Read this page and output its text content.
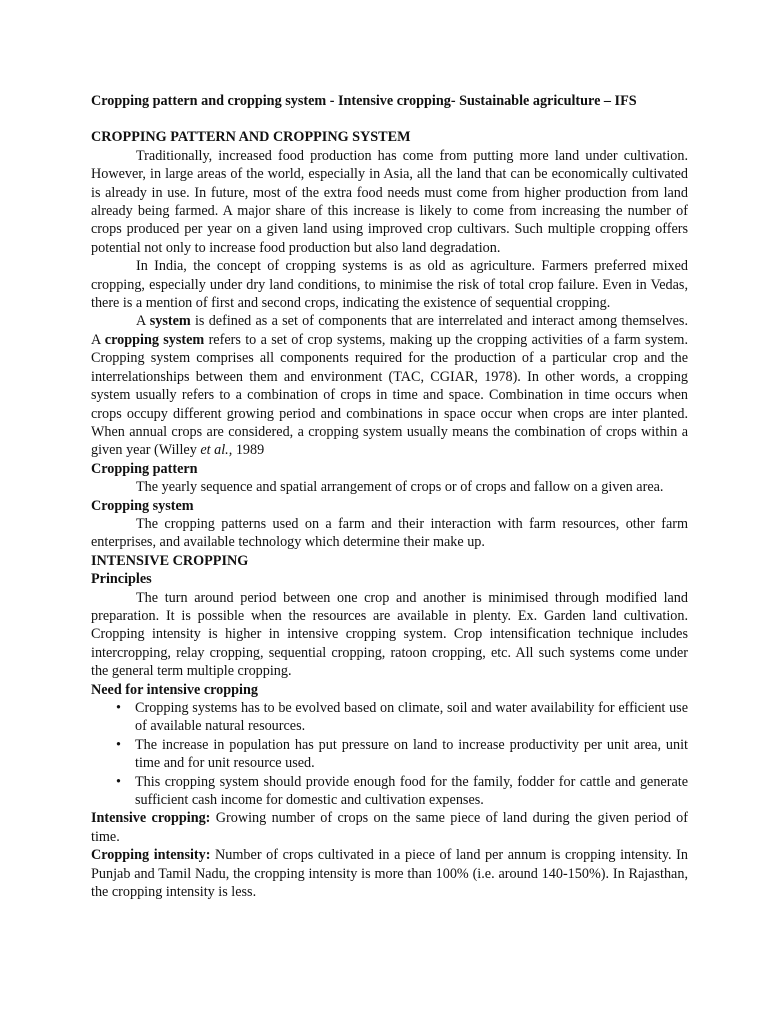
Cropping pattern and cropping system - Intensive cropping- Sustainable agriculture – IFS
CROPPING PATTERN AND CROPPING SYSTEM

Traditionally, increased food production has come from putting more land under cultivation. However, in large areas of the world, especially in Asia, all the land that can be economically cultivated is already in use. In future, most of the extra food needs must come from higher production from land already being farmed. A major share of this increase is likely to come from increasing the number of crops produced per year on a given land using improved crop cultivars. Such multiple cropping offers potential not only to increase food production but also land degradation.

In India, the concept of cropping systems is as old as agriculture. Farmers preferred mixed cropping, especially under dry land conditions, to minimise the risk of total crop failure. Even in Vedas, there is a mention of first and second crops, indicating the existence of sequential cropping.

A system is defined as a set of components that are interrelated and interact among themselves. A cropping system refers to a set of crop systems, making up the cropping activities of a farm system. Cropping system comprises all components required for the production of a particular crop and the interrelationships between them and environment (TAC, CGIAR, 1978). In other words, a cropping system usually refers to a combination of crops in time and space. Combination in time occurs when crops occupy different growing period and combinations in space occur when crops are inter planted. When annual crops are considered, a cropping system usually means the combination of crops within a given year (Willey et al., 1989

Cropping pattern

The yearly sequence and spatial arrangement of crops or of crops and fallow on a given area.

Cropping system

The cropping patterns used on a farm and their interaction with farm resources, other farm enterprises, and available technology which determine their make up.

INTENSIVE CROPPING
Principles

The turn around period between one crop and another is minimised through modified land preparation. It is possible when the resources are available in plenty. Ex. Garden land cultivation. Cropping intensity is higher in intensive cropping system. Crop intensification technique includes intercropping, relay cropping, sequential cropping, ratoon cropping, etc. All such systems come under the general term multiple cropping.

Need for intensive cropping
• Cropping systems has to be evolved based on climate, soil and water availability for efficient use of available natural resources.
• The increase in population has put pressure on land to increase productivity per unit area, unit time and for unit resource used.
• This cropping system should provide enough food for the family, fodder for cattle and generate sufficient cash income for domestic and cultivation expenses.

Intensive cropping: Growing number of crops on the same piece of land during the given period of time.

Cropping intensity: Number of crops cultivated in a piece of land per annum is cropping intensity. In Punjab and Tamil Nadu, the cropping intensity is more than 100% (i.e. around 140-150%). In Rajasthan, the cropping intensity is less.
